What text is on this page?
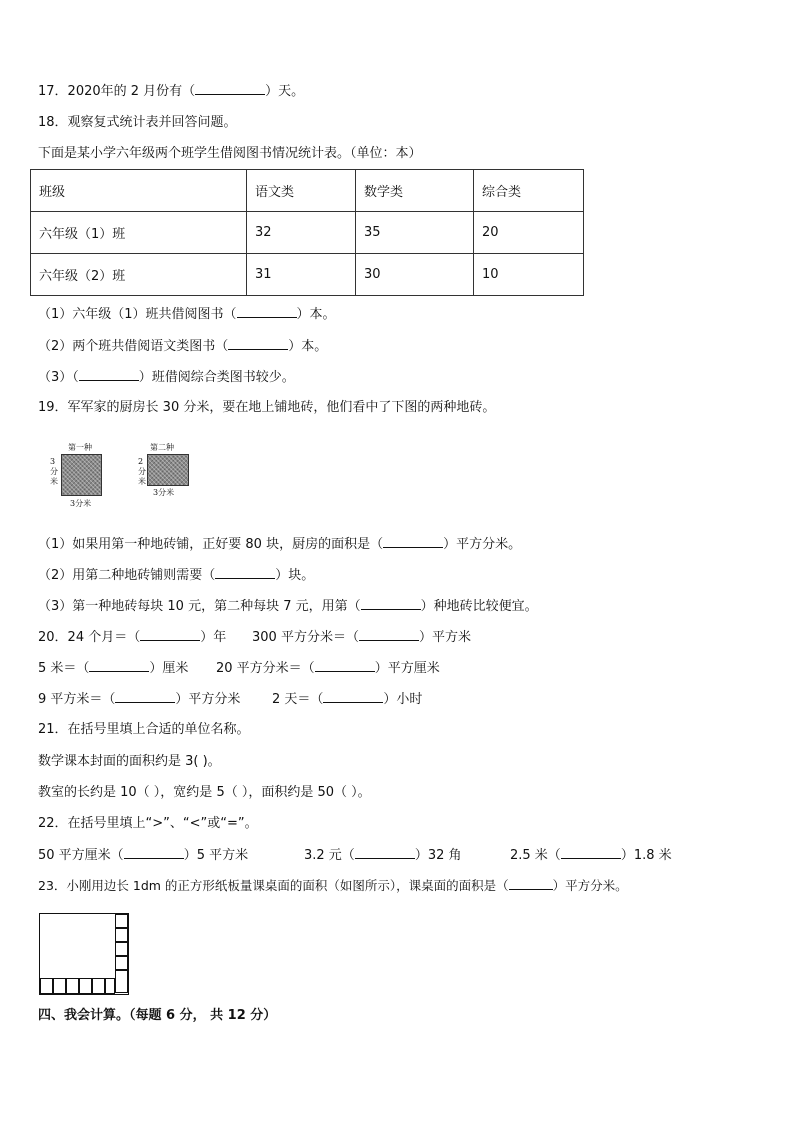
17．2020年的 2 月份有（	）天。
18．观察复式统计表并回答问题。
下面是某小学六年级两个班学生借阅图书情况统计表。（单位：本）
班级	语文类	数学类	综合类
六年级（1）班	32	35	20
六年级（2）班	31	30	10
（1）六年级（1）班共借阅图书（	）本。
（2）两个班共借阅语文类图书（	）本。
（3）（	）班借阅综合类图书较少。
19．军军家的厨房长 30 分米，要在地上铺地砖，他们看中了下图的两种地砖。
第一种
3
分
米
3分米
第二种
2
分
米
3分米
（1）如果用第一种地砖铺，正好要 80 块，厨房的面积是（	）平方分米。
（2）用第二种地砖铺则需要（	）块。
（3）第一种地砖每块 10 元，第二种每块 7 元，用第（	）种地砖比较便宜。
20．24 个月＝（	）年 300 平方分米＝（	）平方米
5 米＝（	）厘米 20 平方分米＝（	）平方厘米
9 平方米＝（	）平方分米 2 天＝（	）小时
21．在括号里填上合适的单位名称。
数学课本封面的面积约是 3( )。
教室的长约是 10（ ），宽约是 5（ ），面积约是 50（ ）。
22．在括号里填上“>”、“<”或“=”。
50 平方厘米（	）5 平方米	3.2 元（	）32 角	2.5 米（	）1.8 米
23．小刚用边长 1dm 的正方形纸板量课桌面的面积（如图所示），课桌面的面积是（	）平方分米。
四、我会计算。（每题 6 分， 共 12 分）
